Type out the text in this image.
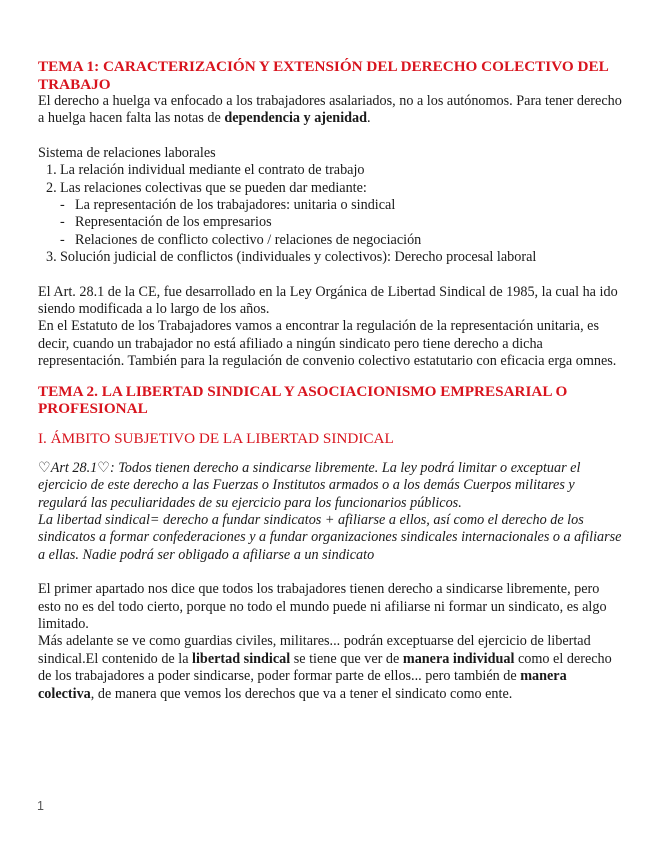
TEMA 1: CARACTERIZACIÓN Y EXTENSIÓN DEL DERECHO COLECTIVO DEL TRABAJO

El derecho a huelga va enfocado a los trabajadores asalariados, no a los autónomos. Para tener derecho a huelga hacen falta las notas de dependencia y ajenidad.

Sistema de relaciones laborales

1. La relación individual mediante el contrato de trabajo
2. Las relaciones colectivas que se pueden dar mediante:
- La representación de los trabajadores: unitaria o sindical
- Representación de los empresarios
- Relaciones de conflicto colectivo / relaciones de negociación
3. Solución judicial de conflictos (individuales y colectivos): Derecho procesal laboral

El Art. 28.1 de la CE, fue desarrollado en la Ley Orgánica de Libertad Sindical de 1985, la cual ha ido siendo modificada a lo largo de los años.

En el Estatuto de los Trabajadores vamos a encontrar la regulación de la representación unitaria, es decir, cuando un trabajador no está afiliado a ningún sindicato pero tiene derecho a dicha representación. También para la regulación de convenio colectivo estatutario con eficacia erga omnes.

TEMA 2. LA LIBERTAD SINDICAL Y ASOCIACIONISMO EMPRESARIAL O PROFESIONAL

I. ÁMBITO SUBJETIVO DE LA LIBERTAD SINDICAL

♡Art 28.1♡: Todos tienen derecho a sindicarse libremente. La ley podrá limitar o exceptuar el ejercicio de este derecho a las Fuerzas o Institutos armados o a los demás Cuerpos militares y regulará las peculiaridades de su ejercicio para los funcionarios públicos.

La libertad sindical= derecho a fundar sindicatos + afiliarse a ellos, así como el derecho de los sindicatos a formar confederaciones y a fundar organizaciones sindicales internacionales o a afiliarse a ellas. Nadie podrá ser obligado a afiliarse a un sindicato

El primer apartado nos dice que todos los trabajadores tienen derecho a sindicarse libremente, pero esto no es del todo cierto, porque no todo el mundo puede ni afiliarse ni formar un sindicato, es algo limitado.

Más adelante se ve como guardias civiles, militares... podrán exceptuarse del ejercicio de libertad sindical.El contenido de la libertad sindical se tiene que ver de manera individual como el derecho de los trabajadores a poder sindicarse, poder formar parte de ellos... pero también de manera colectiva, de manera que vemos los derechos que va a tener el sindicato como ente.

1
